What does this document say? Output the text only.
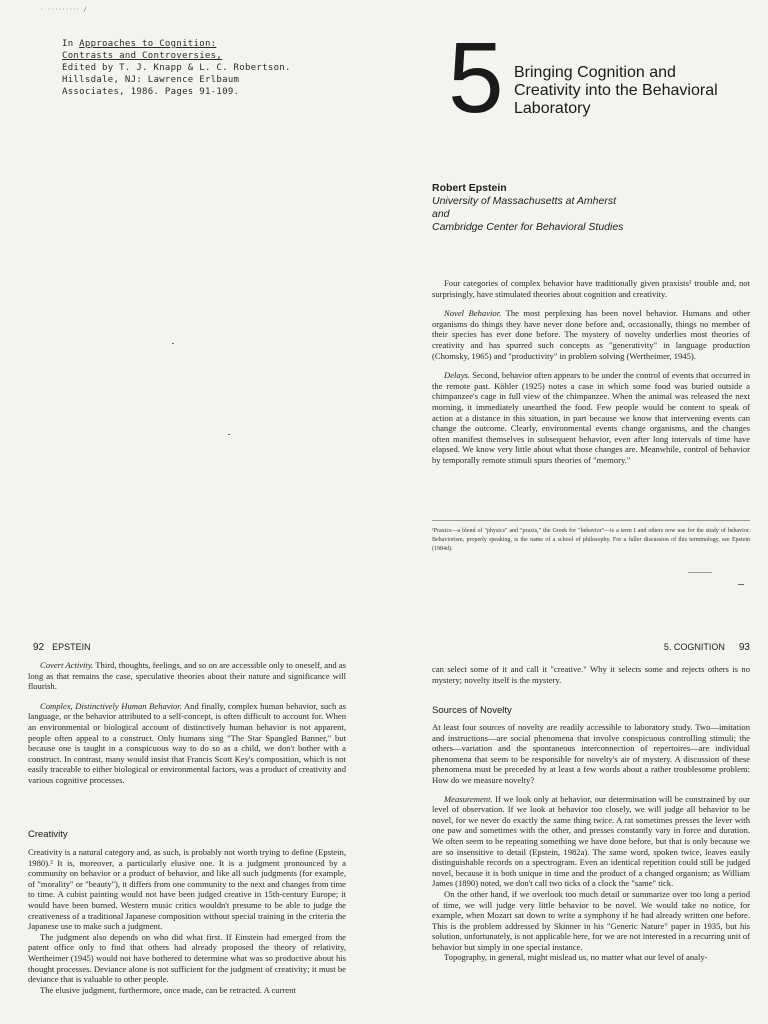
· ········· /
In Approaches to Cognition:
Contrasts and Controversies,
Edited by T. J. Knapp & L. C. Robertson.
Hillsdale, NJ: Lawrence Erlbaum
Associates, 1986. Pages 91-109.	5 Bringing Cognition and
Creativity into the Behavioral
Laboratory
Robert Epstein
University of Massachusetts at Amherst
and
Cambridge Center for Behavioral Studies

Four categories of complex behavior have traditionally given praxists¹ trouble and, not surprisingly, have stimulated theories about cognition and creativity.

Novel Behavior. The most perplexing has been novel behavior. Humans and other organisms do things they have never done before and, occasionally, things no member of their species has ever done before. The mystery of novelty underlies most theories of creativity and has spurred such concepts as "generativity" in language production (Chomsky, 1965) and "productivity" in problem solving (Wertheimer, 1945).

Delays. Second, behavior often appears to be under the control of events that occurred in the remote past. Köhler (1925) notes a case in which some food was buried outside a chimpanzee's cage in full view of the chimpanzee. When the animal was released the next morning, it immediately unearthed the food. Few people would be content to speak of action at a distance in this situation, in part because we know that intervening events can change the outcome. Clearly, environmental events change organisms, and the changes often manifest themselves in subsequent behavior, even after long intervals of time have elapsed. We know very little about what those changes are. Meanwhile, control of behavior by temporally remote stimuli spurs theories of "memory."

¹Praxics—a blend of "physics" and "praxis," the Greek for "behavior"—is a term I and others now use for the study of behavior. Behaviorism, properly speaking, is the name of a school of philosophy. For a fuller discussion of this terminology, see Epstein (1984d).
92 EPSTEIN

Covert Activity. Third, thoughts, feelings, and so on are accessible only to oneself, and as long as that remains the case, speculative theories about their nature and significance will flourish.

Complex, Distinctively Human Behavior. And finally, complex human behavior, such as language, or the behavior attributed to a self-concept, is often difficult to account for. When an environmental or biological account of distinctively human behavior is not apparent, people often appeal to a construct. Only humans sing "The Star Spangled Banner," but because one is taught in a conspicuous way to do so as a child, we don't bother with a construct. In contrast, many would insist that Francis Scott Key's composition, which is not easily traceable to either biological or environmental factors, was a product of creativity and various cognitive processes.

Creativity

Creativity is a natural category and, as such, is probably not worth trying to define (Epstein, 1980).² It is, moreover, a particularly elusive one. It is a judgment pronounced by a community on behavior or a product of behavior, and like all such judgments (for example, of "morality" or "beauty"), it differs from one community to the next and changes from time to time. A cubist painting would not have been judged creative in 15th-century Europe; it would have been burned. Western music critics wouldn't presume to be able to judge the creativeness of a traditional Japanese composition without special training in the criteria the Japanese use to make such a judgment.

The judgment also depends on who did what first. If Einstein had emerged from the patent office only to find that others had already proposed the theory of relativity, Wertheimer (1945) would not have bothered to determine what was so productive about his thought processes. Deviance alone is not sufficient for the judgment of creativity; it must be deviance that is valuable to other people.

The elusive judgment, furthermore, once made, can be retracted. A current

5. COGNITION 93

can select some of it and call it "creative." Why it selects some and rejects others is no mystery; novelty itself is the mystery.

Sources of Novelty

At least four sources of novelty are readily accessible to laboratory study. Two—imitation and instructions—are social phenomena that involve conspicuous controlling stimuli; the others—variation and the spontaneous interconnection of repertoires—are individual phenomena that seem to be responsible for novelty's air of mystery. A discussion of these phenomena must be preceded by at least a few words about a rather troublesome problem: How do we measure novelty?

Measurement. If we look only at behavior, our determination will be constrained by our level of observation. If we look at behavior too closely, we will judge all behavior to be novel, for we never do exactly the same thing twice. A rat sometimes presses the lever with one paw and sometimes with the other, and presses constantly vary in force and duration. We often seem to be repeating something we have done before, but that is only because we are so insensitive to detail (Epstein, 1982a). The same word, spoken twice, leaves easily distinguishable records on a spectrogram. Even an identical repetition could still be judged novel, because it is both unique in time and the product of a changed organism; as William James (1890) noted, we don't call two ticks of a clock the "same" tick.

On the other hand, if we overlook too much detail or summarize over too long a period of time, we will judge very little behavior to be novel. We would take no notice, for example, when Mozart sat down to write a symphony if he had already written one before. This is the problem addressed by Skinner in his "Generic Nature" paper in 1935, but his solution, unfortunately, is not applicable here, for we are not interested in a recurring unit of behavior but simply in one special instance.

Topography, in general, might mislead us, no matter what our level of analy-
